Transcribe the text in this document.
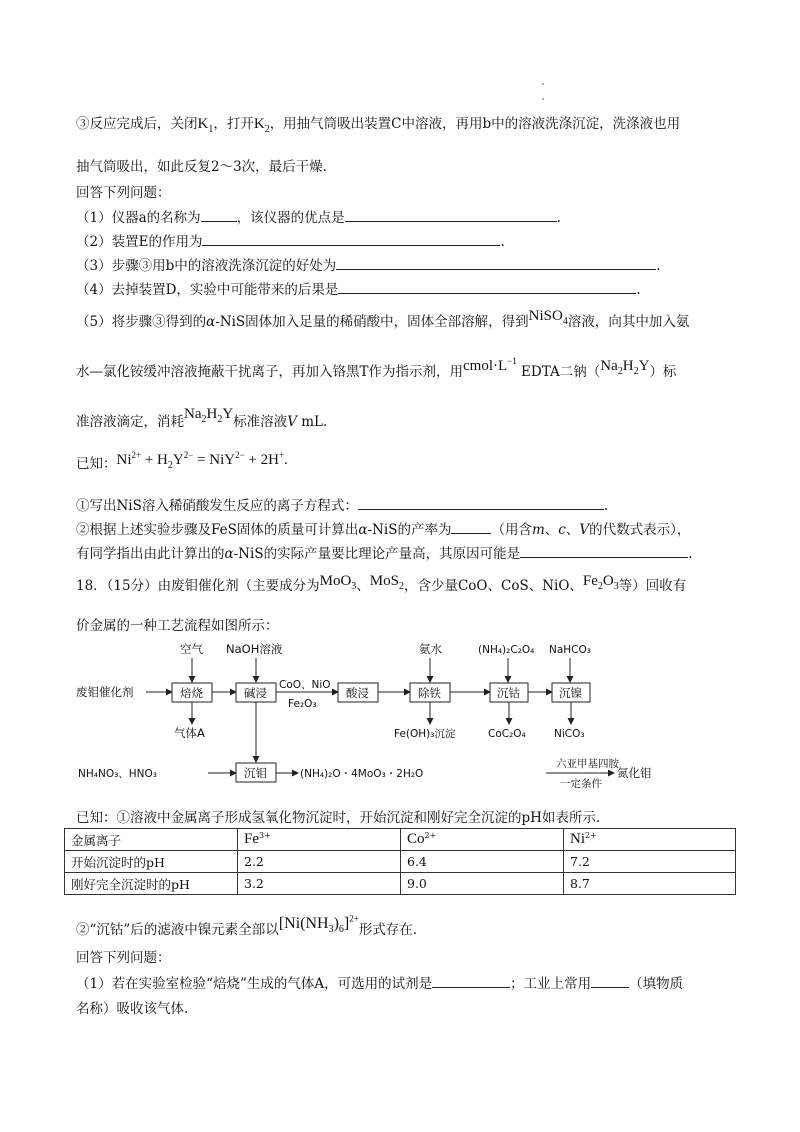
③反应完成后，关闭$K_1$，打开$K_2$，用抽气筒吸出装置C中溶液，再用b中的溶液洗涤沉淀，洗涤液也用
抽气筒吸出，如此反复2～3次，最后干燥.
回答下列问题：
（1）仪器a的名称为	，该仪器的优点是	.
（2）装置E的作用为	.
（3）步骤③用b中的溶液洗涤沉淀的好处为	.
（4）去掉装置D，实验中可能带来的后果是	.
（5）将步骤③得到的α-NiS固体加入足量的稀硝酸中，固体全部溶解，得到NiSO$_4$溶液，向其中加入氨
水—氯化铵缓冲溶液掩蔽干扰离子，再加入铬黑T作为指示剂，用$cmol\cdot L^{-1}$ EDTA二钠$(Na_2H_2Y)$标
准溶液滴定，消耗$Na_2H_2Y$标准溶液V mL.
已知：$Ni^{2+} + H_2Y^{2-} = NiY^{2-} + 2H^+$.
①写出NiS溶入稀硝酸发生反应的离子方程式：	.
②根据上述实验步骤及FeS固体的质量可计算出α-NiS的产率为	（用含m、c、V的代数式表示），
有同学指出由此计算出的α-NiS的实际产量要比理论产量高，其原因可能是	.
18．（15分）由废钼催化剂（主要成分为MoO$_3$、MoS$_2$，含少量CoO、CoS、NiO、$Fe_2O_3$等）回收有
价金属的一种工艺流程如图所示：
空气 NaOH溶液	氨水	(NH₄)₂C₂O₄ NaHCO₃
废钼催化剂	焙烧	碱浸
CoO、NiO
Fe₂O₃
酸浸	除铁	沉钴	沉镍
气体A	Fe(OH)₃沉淀	CoC₂O₄	NiCO₃
NH₄NO₃、HNO₃	沉钼	(NH₄)₂O・4MoO₃・2H₂O
六亚甲基四胺
一定条件
氮化钼
已知：①溶液中金属离子形成氢氧化物沉淀时，开始沉淀和刚好完全沉淀的pH如表所示.
金属离子	$Fe^{3+}$	$Co^{2+}$	$Ni^{2+}$
开始沉淀时的pH	2.2	6.4	7.2
刚好完全沉淀时的pH	3.2	9.0	8.7
②“沉钴”后的滤液中镍元素全部以$[Ni(NH_3)_6]^{2+}$形式存在.
回答下列问题：
（1）若在实验室检验“焙烧”生成的气体A，可选用的试剂是	；工业上常用	（填物质
名称）吸收该气体.
